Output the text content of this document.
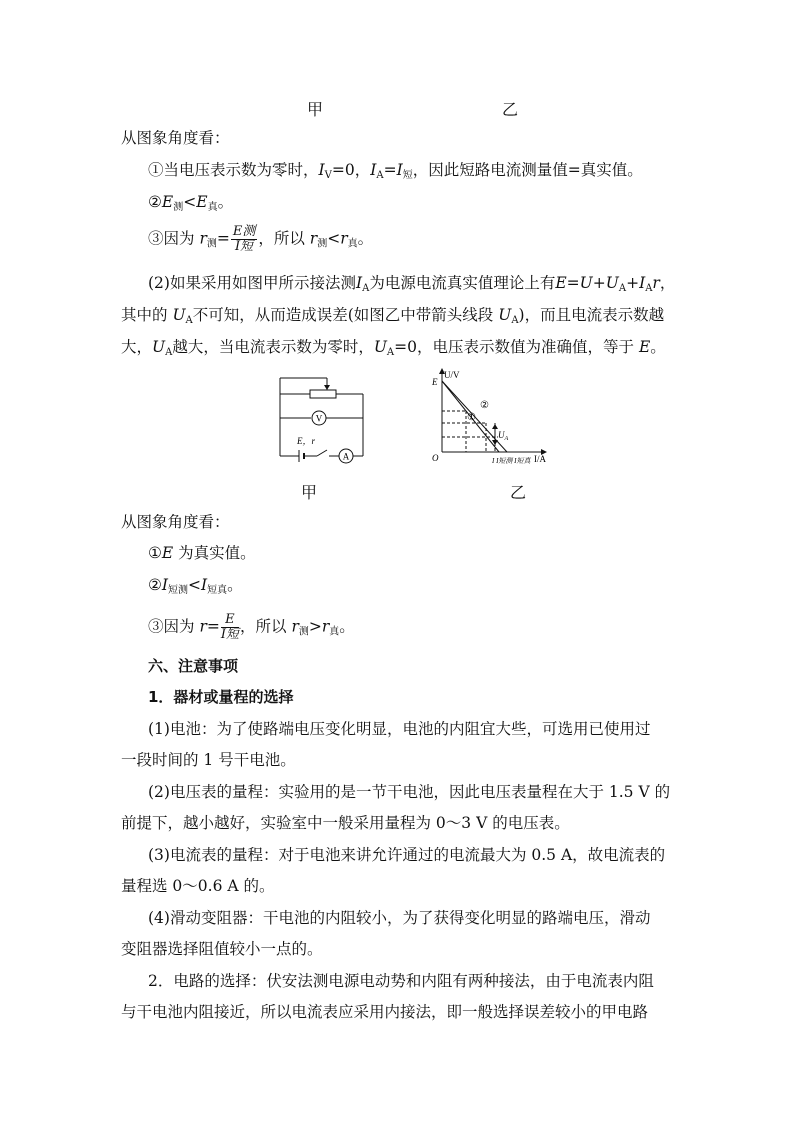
甲	乙
从图象角度看：
①当电压表示数为零时，$I_V=0$，$I_A=I_短$，因此短路电流测量值=真实值。
$②E_测<E_真$。
③因为 $r_测= \frac{\text{E测}}{\text{I短}}$ ，所以 $r_测<r_真$。
(2)如果采用如图甲所示接法测$I_A$为电源电流真实值理论上有$E=U+U_A+I_Ar$，
其中的 $U_A$不可知，从而造成误差(如图乙中带箭头线段 $U_A$)，而且电流表示数越
大，$U_A$越大，当电流表示数为零时，$U_A=0$，电压表示数值为准确值，等于 E。
V
A
E，r
U/V
I/A
O
E
①
②
$U_A$
I I短测 I短真
甲	乙
从图象角度看：
①E 为真实值。
$②I_{短测}<I_{短真}$。
③因为 $r= \frac{E}{\text{I短}}$ ，所以 $r_测>r_真$。
六、注意事项
1．器材或量程的选择
(1)电池：为了使路端电压变化明显，电池的内阻宜大些，可选用已使用过
一段时间的 1 号干电池。
(2)电压表的量程：实验用的是一节干电池，因此电压表量程在大于 1.5 V 的
前提下，越小越好，实验室中一般采用量程为 0～3 V 的电压表。
(3)电流表的量程：对于电池来讲允许通过的电流最大为 0.5 A，故电流表的
量程选 0～0.6 A 的。
(4)滑动变阻器：干电池的内阻较小，为了获得变化明显的路端电压，滑动
变阻器选择阻值较小一点的。
2．电路的选择：伏安法测电源电动势和内阻有两种接法，由于电流表内阻
与干电池内阻接近，所以电流表应采用内接法，即一般选择误差较小的甲电路
